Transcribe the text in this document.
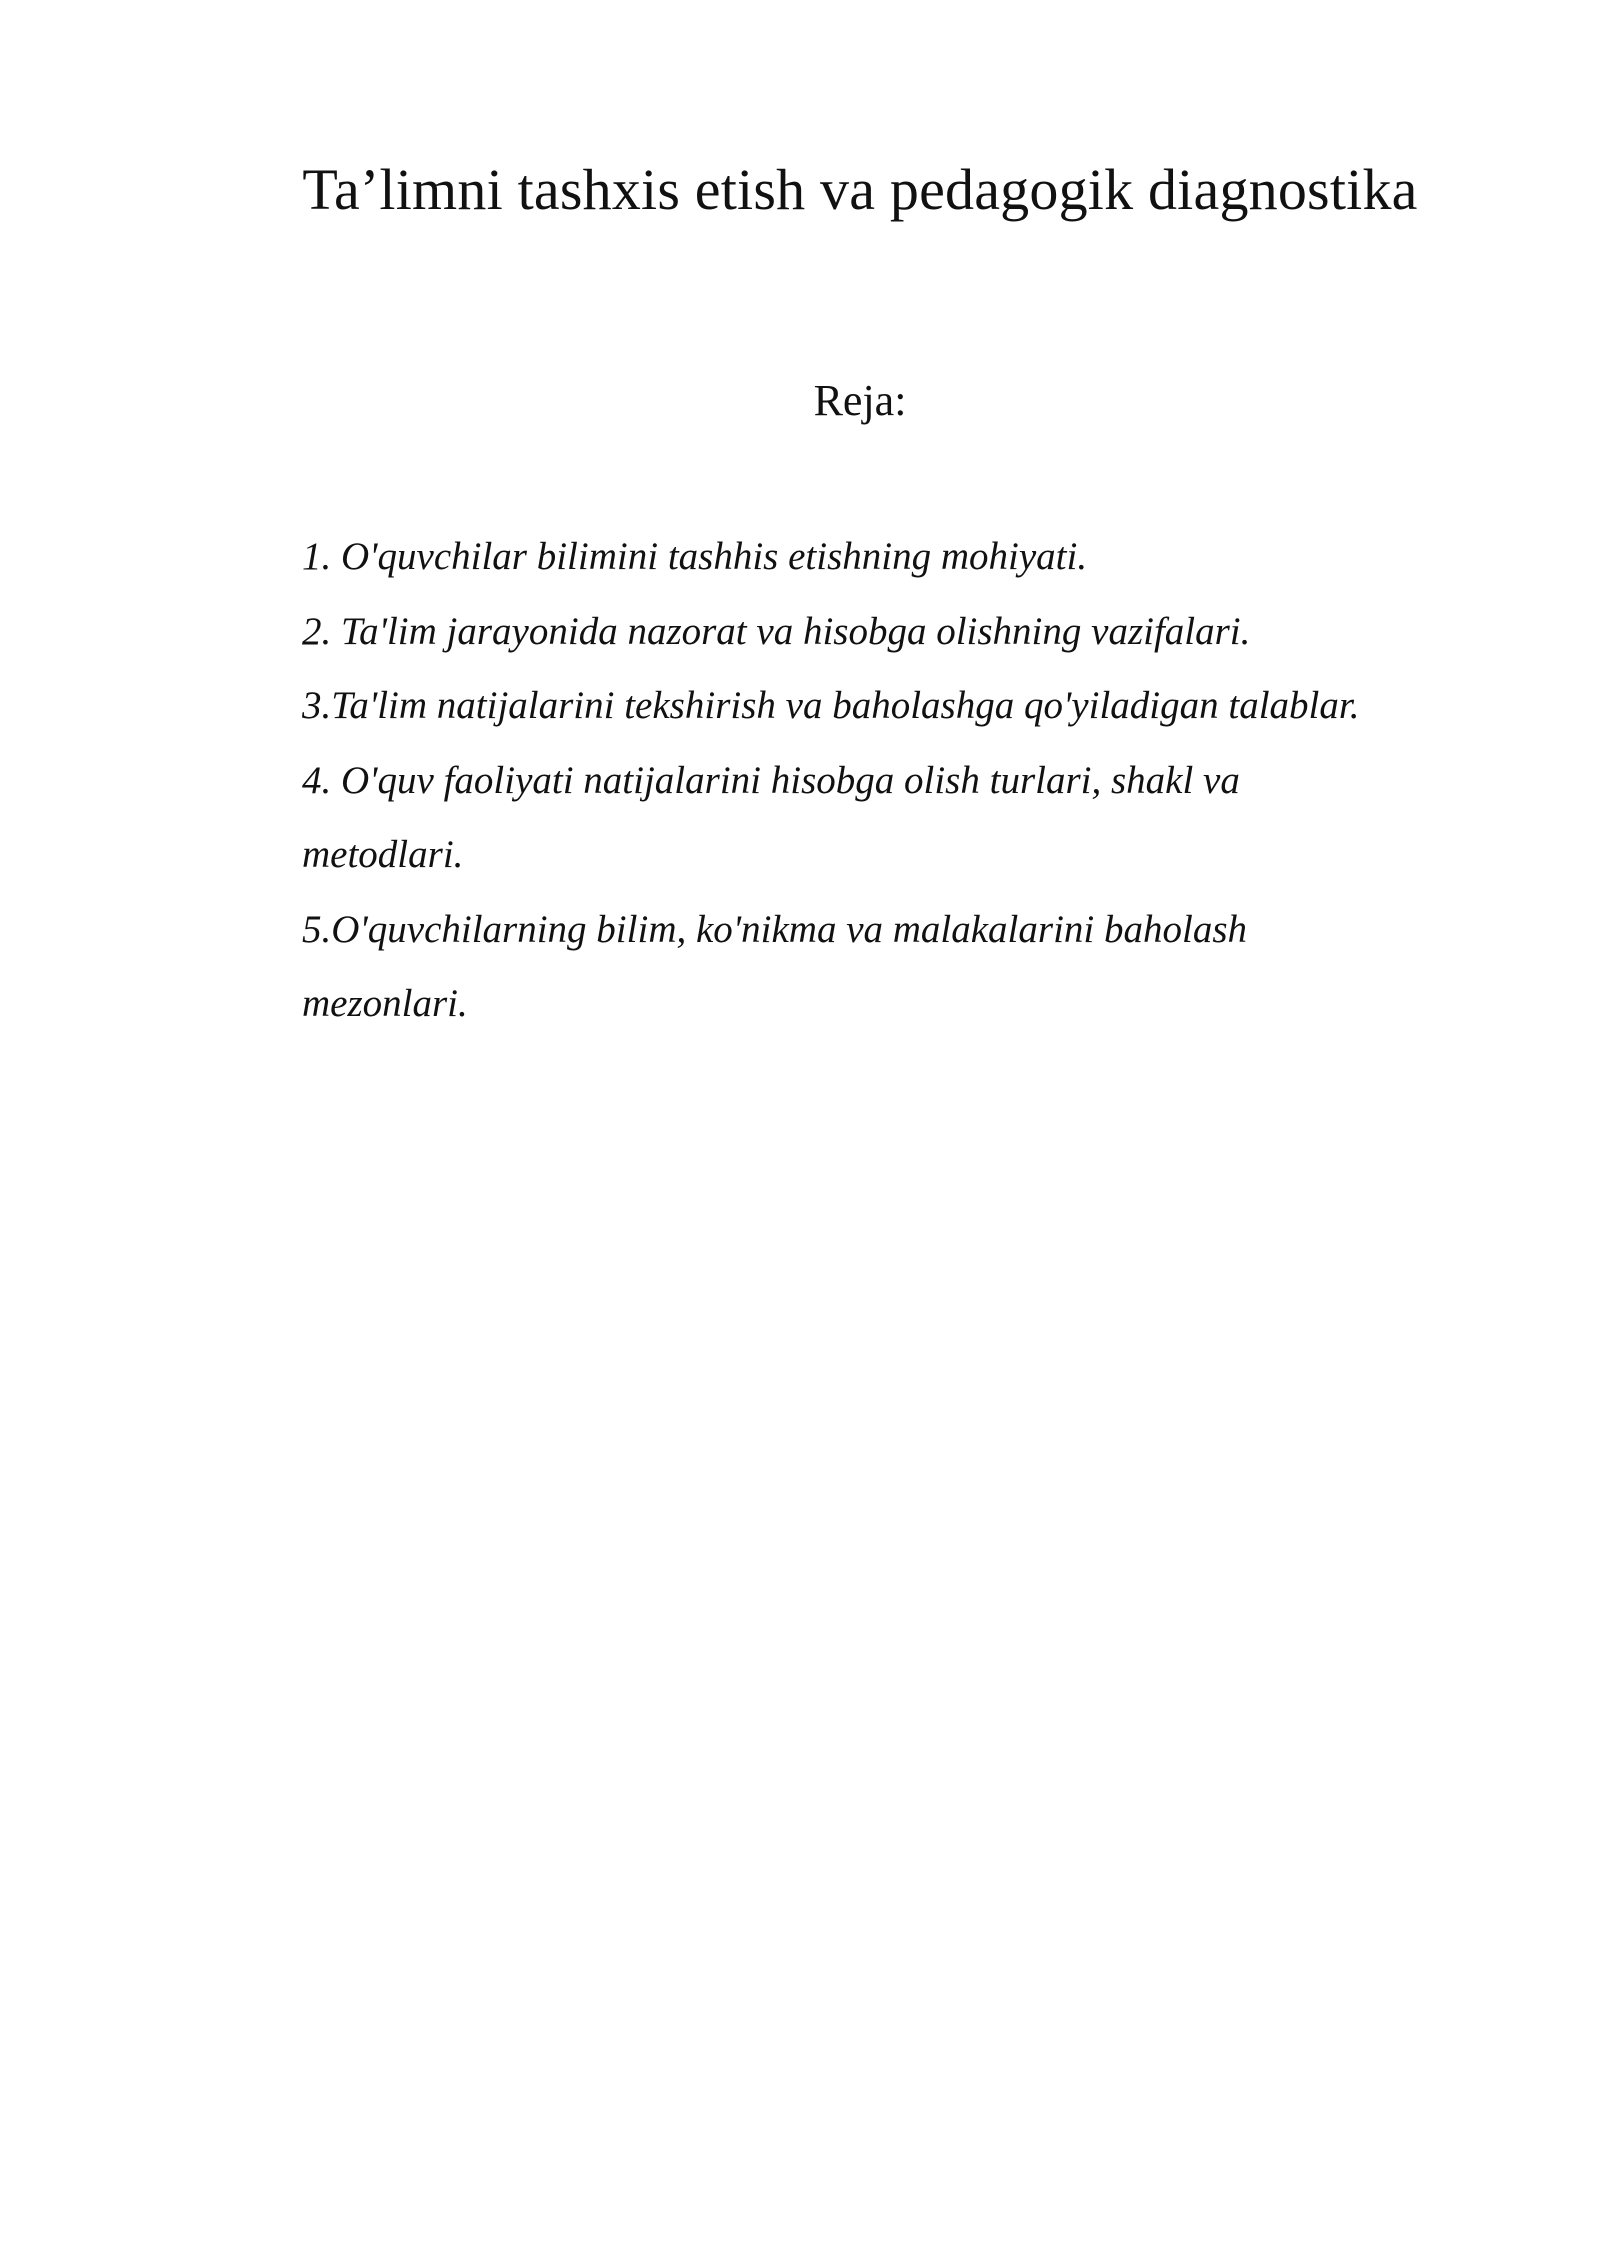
Ta’limni tashxis etish va pedagogik diagnostika
Reja:
1. O'quvchilar bilimini tashhis etishning mohiyati.
2. Ta'lim jarayonida nazorat va hisobga olishning vazifalari.
3.Ta'lim natijalarini tekshirish va baholashga qo'yiladigan talablar.
4. O'quv faoliyati natijalarini hisobga olish turlari, shakl va
metodlari.
5.O'quvchilarning bilim, ko'nikma va malakalarini baholash
mezonlari.
